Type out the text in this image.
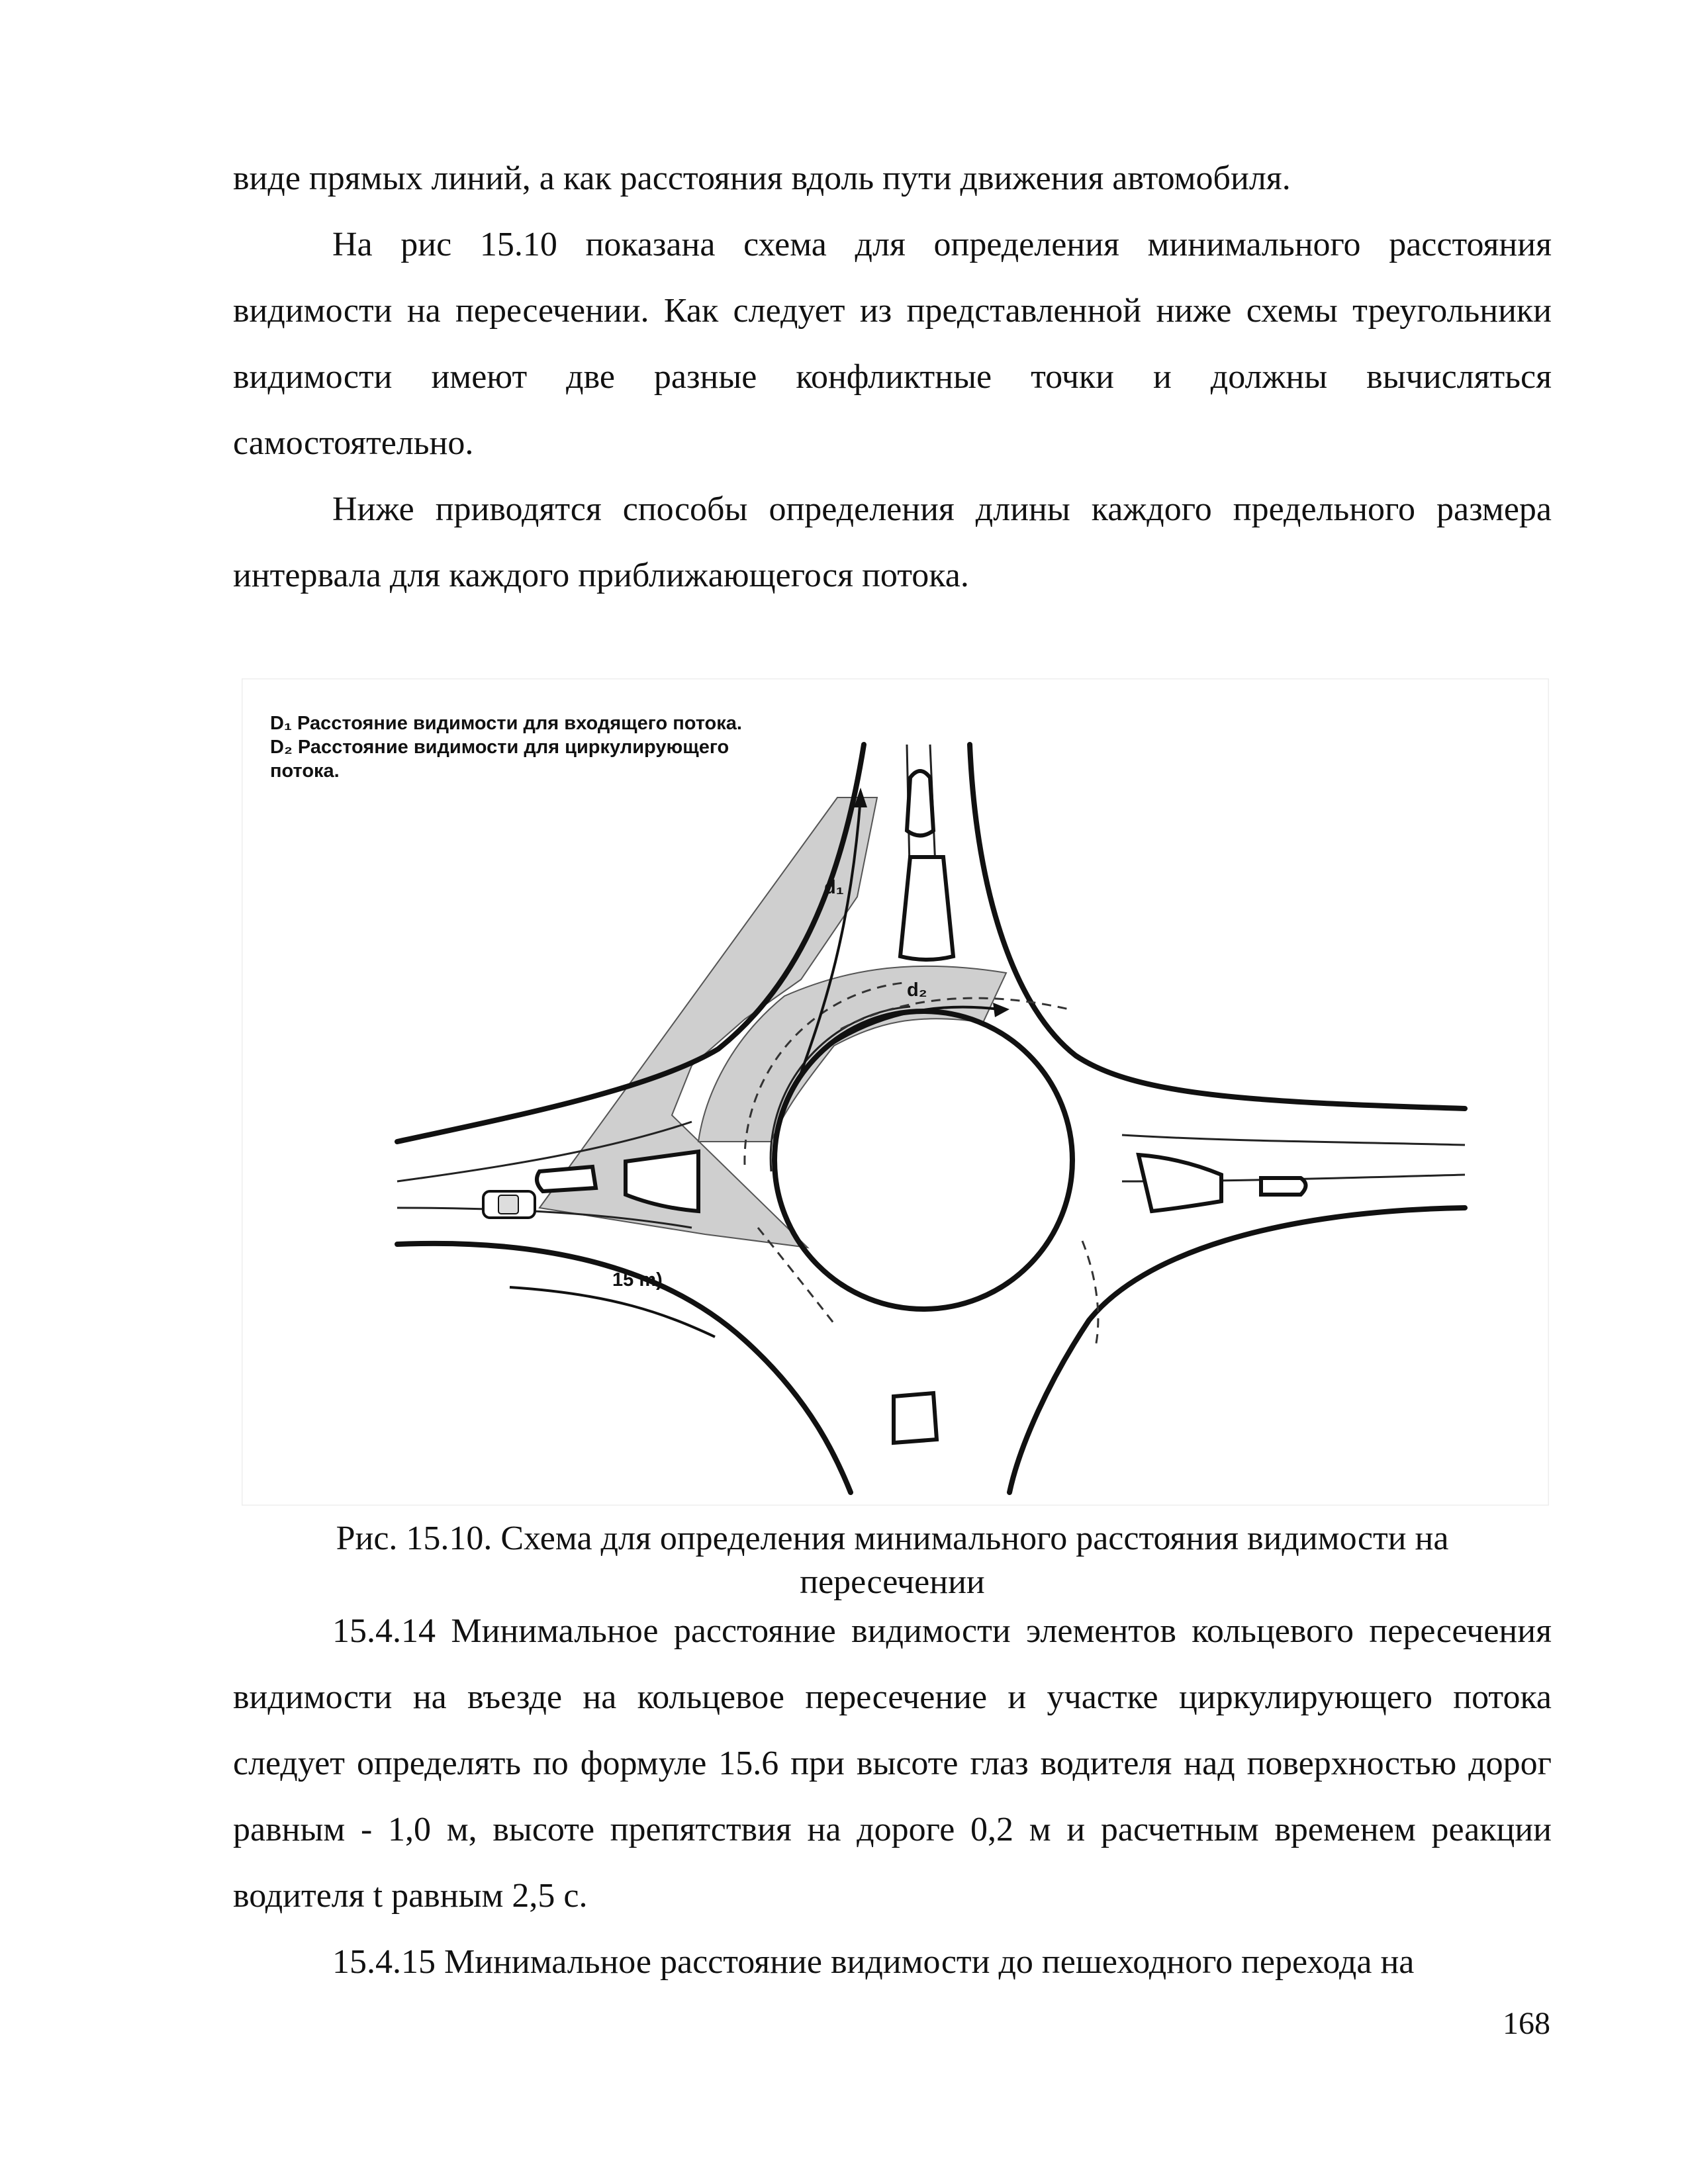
виде прямых линий, а как расстояния вдоль пути движения автомобиля.

На рис 15.10 показана схема для определения минимального расстояния видимости на пересечении. Как следует из представленной ниже схемы треугольники видимости имеют две разные конфликтные точки и должны вычисляться самостоятельно.

Ниже приводятся способы определения длины каждого предельного размера интервала для каждого приближающегося потока.

D₁ Расстояние видимости для входящего потока.
D₂ Расстояние видимости для циркулирующего
потока.
d₁
d₂
15 m)
Рис. 15.10. Схема для определения минимального расстояния видимости на
пересечении

15.4.14 Минимальное расстояние видимости элементов кольцевого пересечения видимости на въезде на кольцевое пересечение и участке циркулирующего потока следует определять по формуле 15.6 при высоте глаз водителя над поверхностью дорог равным - 1,0 м, высоте препятствия на дороге 0,2 м и расчетным временем реакции водителя t равным 2,5 с.

15.4.15 Минимальное расстояние видимости до пешеходного перехода на

168
